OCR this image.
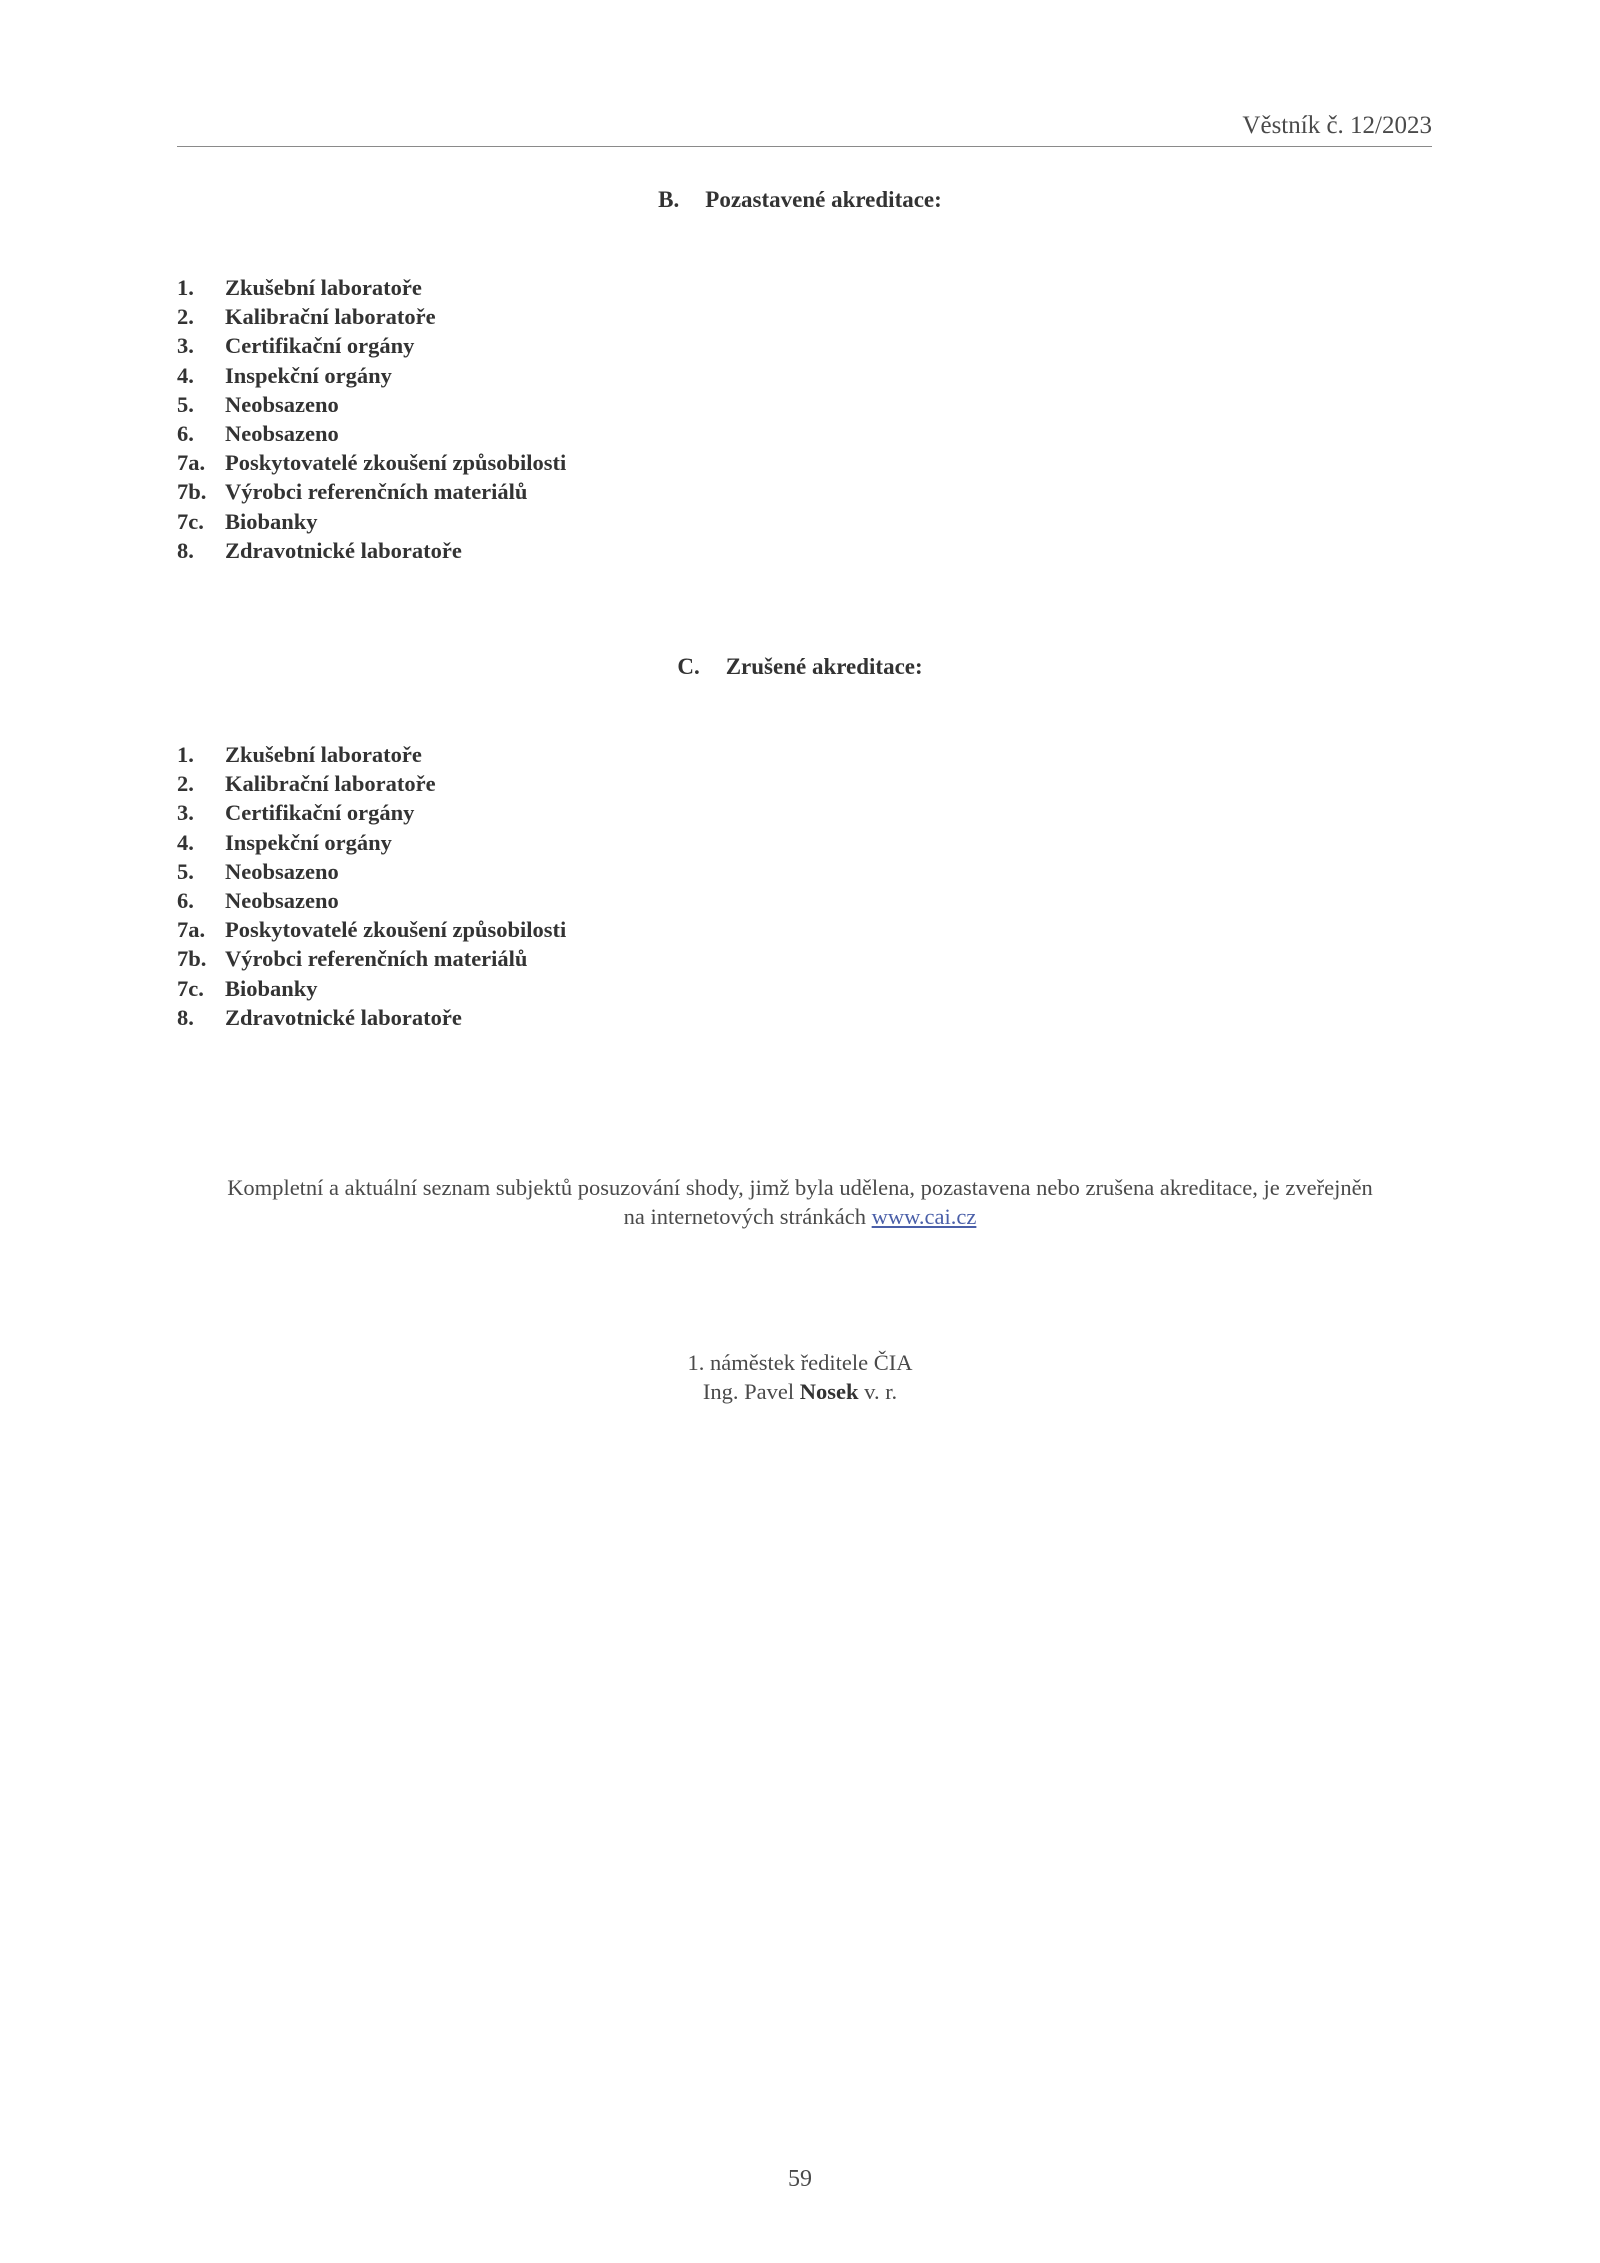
Věstník č. 12/2023
B. Pozastavené akreditace:
1.	Zkušební laboratoře
2.	Kalibrační laboratoře
3.	Certifikační orgány
4.	Inspekční orgány
5.	Neobsazeno
6.	Neobsazeno
7a. Poskytovatelé zkoušení způsobilosti
7b. Výrobci referenčních materiálů
7c. Biobanky
8.	Zdravotnické laboratoře
C. Zrušené akreditace:
1.	Zkušební laboratoře
2.	Kalibrační laboratoře
3.	Certifikační orgány
4.	Inspekční orgány
5.	Neobsazeno
6.	Neobsazeno
7a. Poskytovatelé zkoušení způsobilosti
7b. Výrobci referenčních materiálů
7c. Biobanky
8.	Zdravotnické laboratoře
Kompletní a aktuální seznam subjektů posuzování shody, jimž byla udělena, pozastavena nebo zrušena akreditace, je zveřejněn
na internetových stránkách www.cai.cz
1. náměstek ředitele ČIA
Ing. Pavel Nosek v. r.
59
